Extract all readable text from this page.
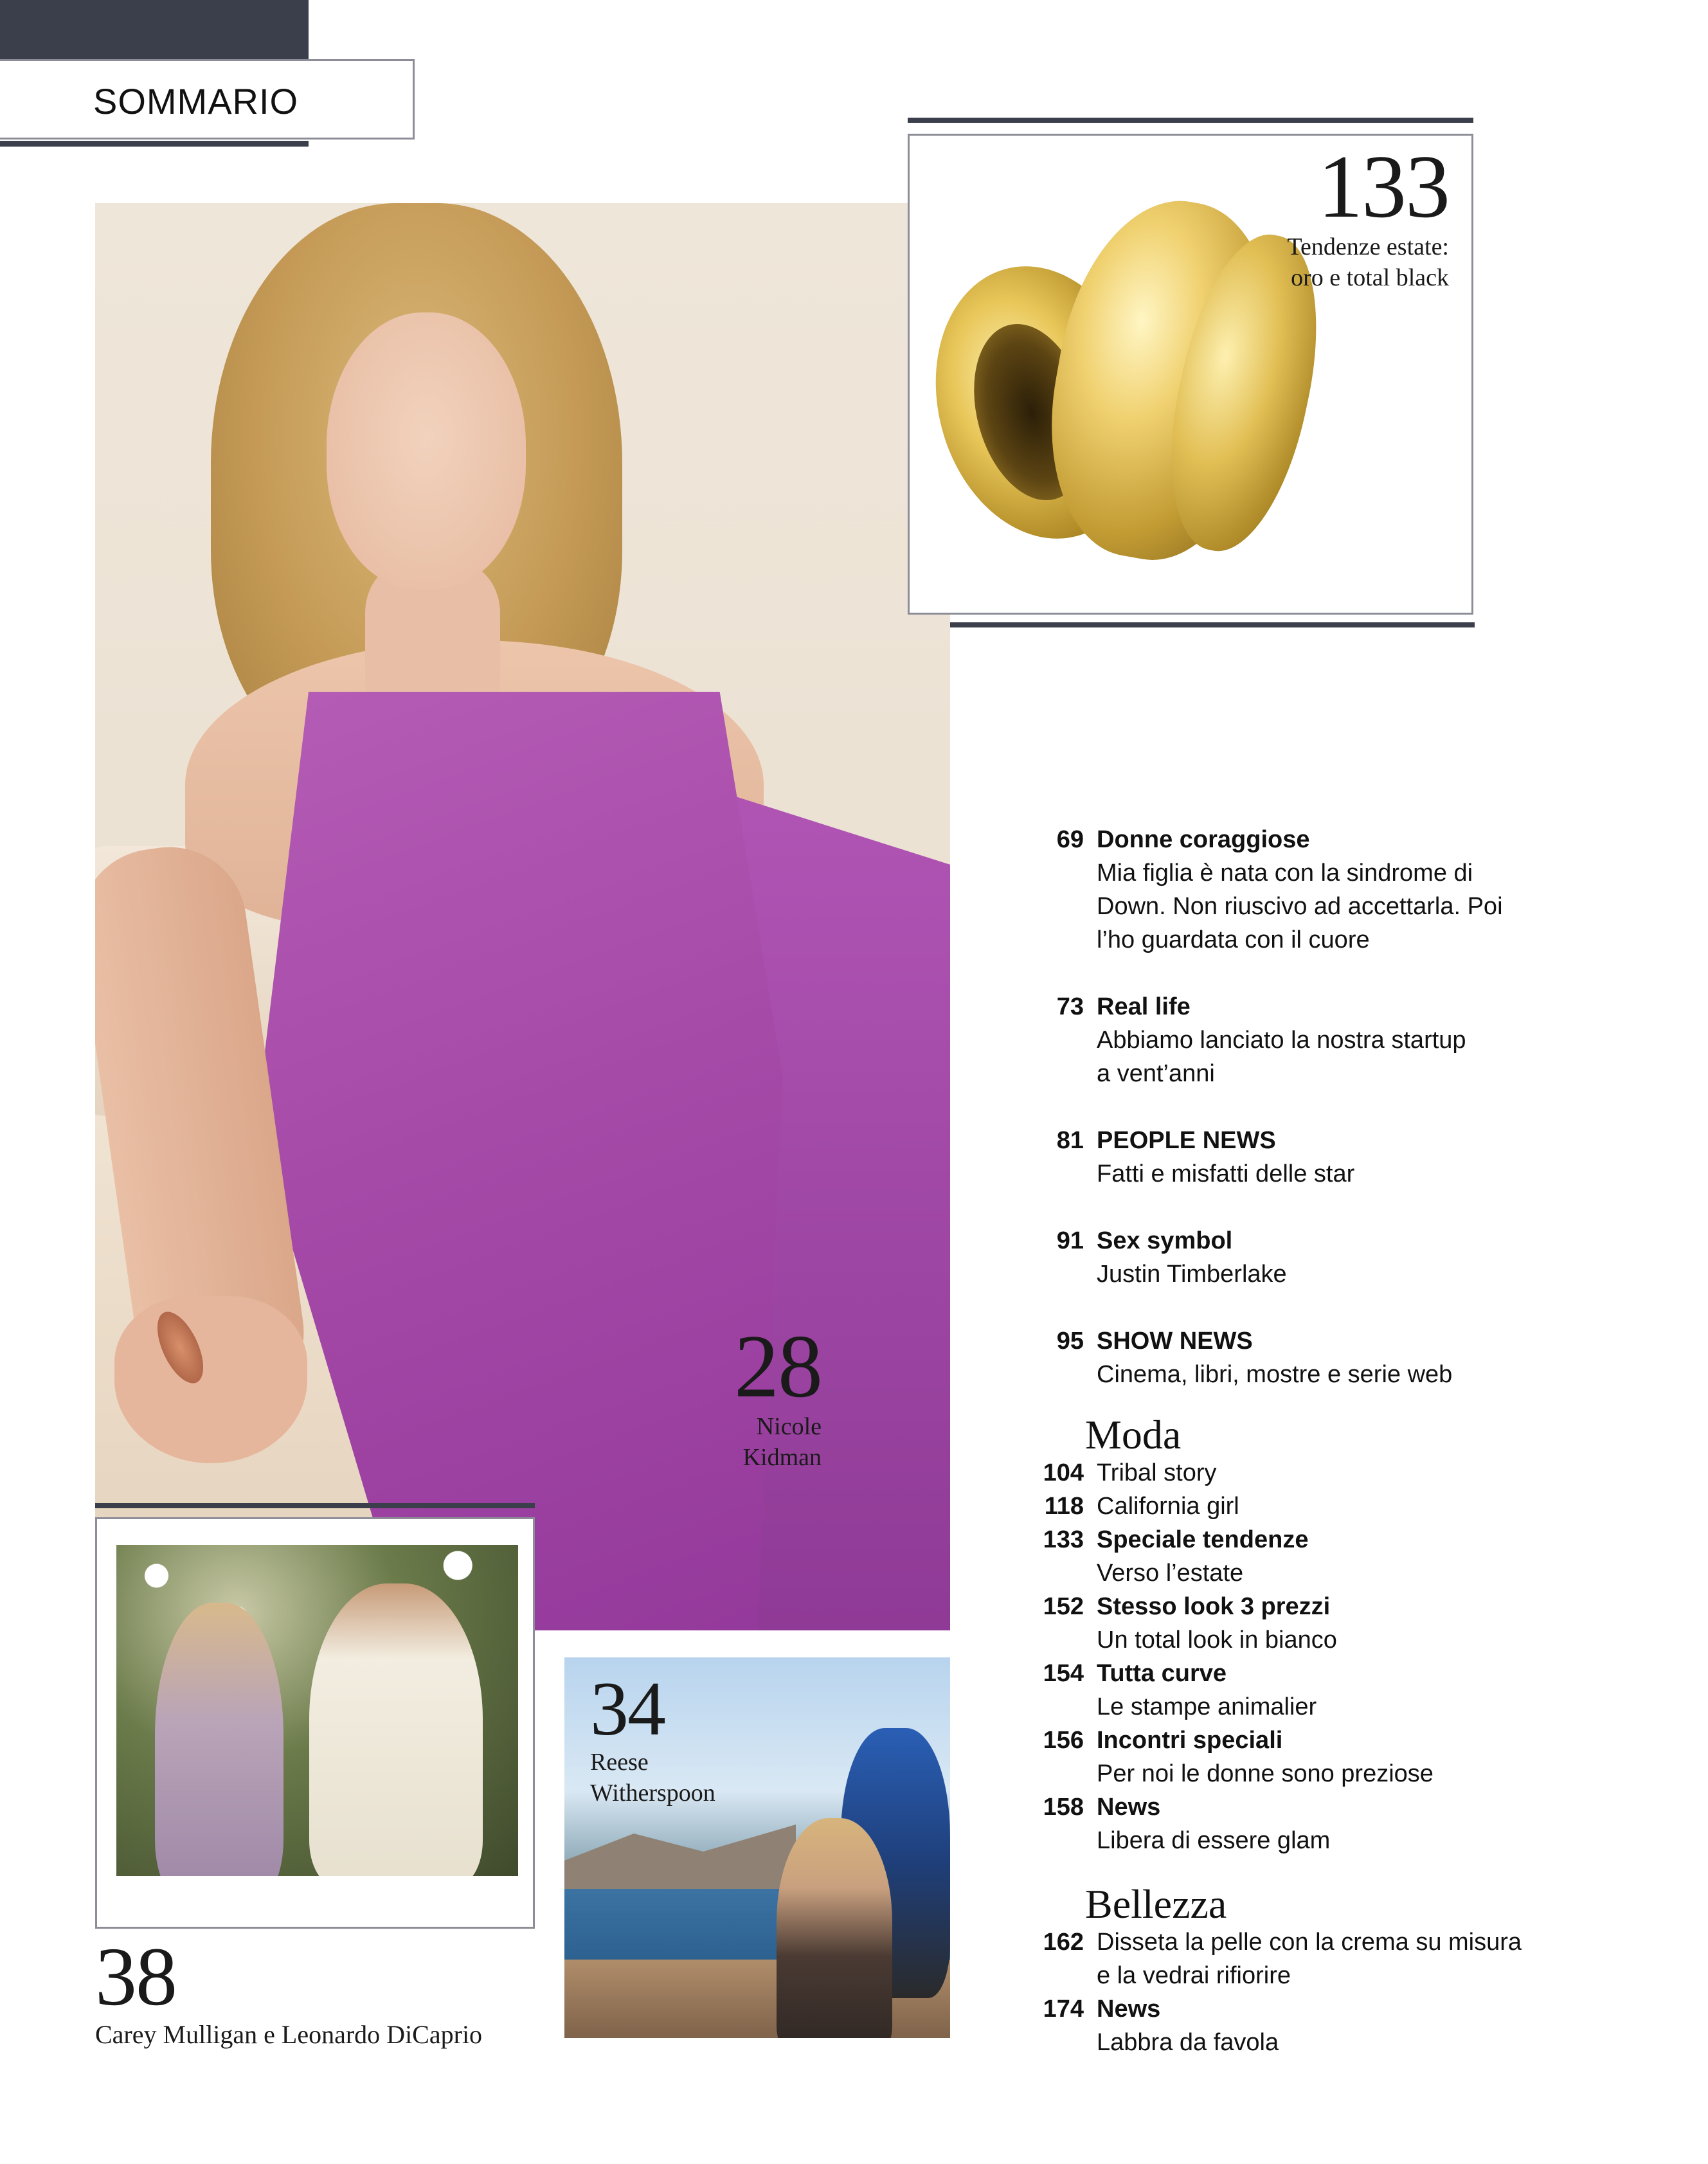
SOMMARIO
28
Nicole
Kidman
133
Tendenze estate:
oro e total black
38
Carey Mulligan e Leonardo DiCaprio
34
Reese
Witherspoon
69 Donne coraggiose
Mia figlia è nata con la sindrome di
Down. Non riuscivo ad accettarla. Poi
l’ho guardata con il cuore
73 Real life
Abbiamo lanciato la nostra startup
a vent’anni
81 PEOPLE NEWS
Fatti e misfatti delle star
91 Sex symbol
Justin Timberlake
95 SHOW NEWS
Cinema, libri, mostre e serie web
Moda
104 Tribal story
118 California girl
133 Speciale tendenze
Verso l’estate
152 Stesso look 3 prezzi
Un total look in bianco
154 Tutta curve
Le stampe animalier
156 Incontri speciali
Per noi le donne sono preziose
158 News
Libera di essere glam
Bellezza
162 Disseta la pelle con la crema su misura
e la vedrai rifiorire
174 News
Labbra da favola
